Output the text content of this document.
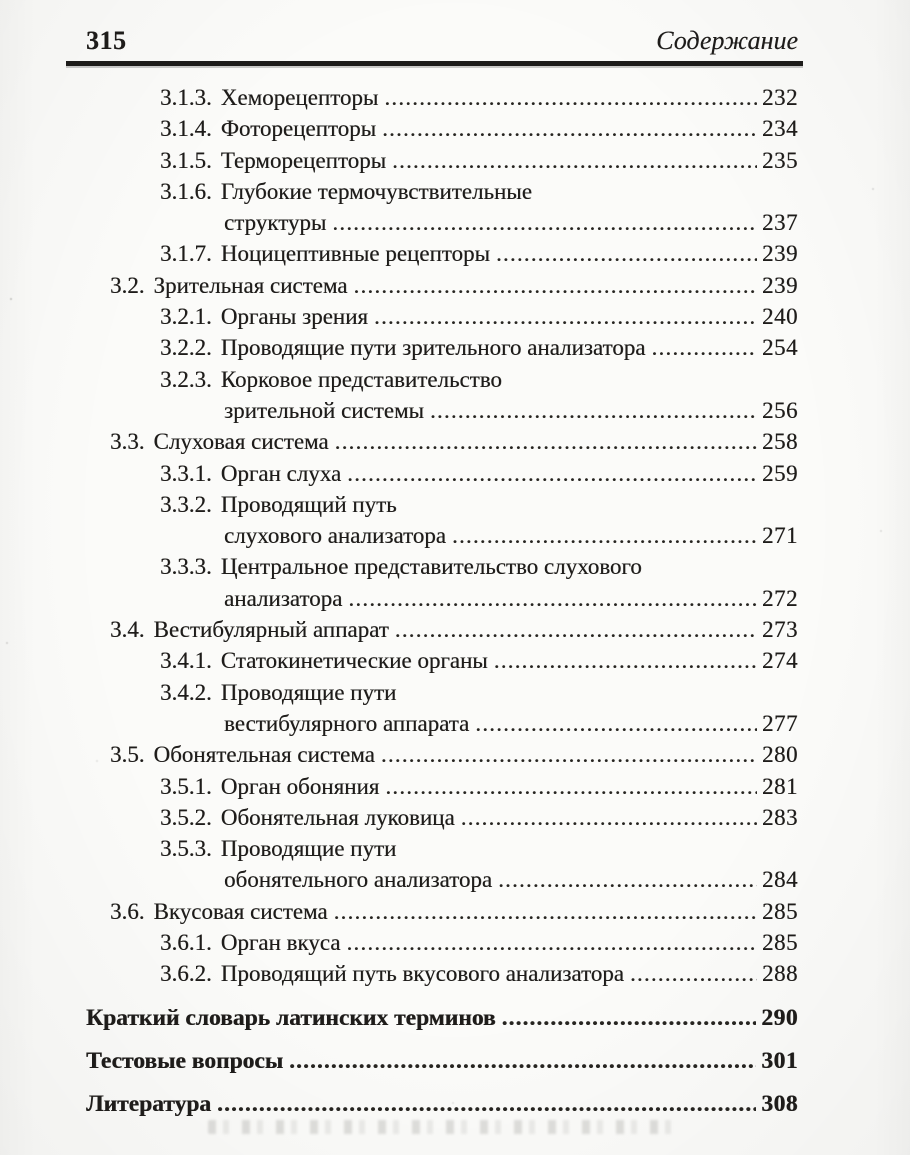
315	Содержание
3.1.3. Хеморецепторы .....	232
3.1.4. Фоторецепторы .....	234
3.1.5. Терморецепторы .....	235
3.1.6. Глубокие термочувствительные
структуры .....	237
3.1.7. Ноцицептивные рецепторы .....	239
3.2. Зрительная система .....	239
3.2.1. Органы зрения .....	240
3.2.2. Проводящие пути зрительного анализатора .....	254
3.2.3. Корковое представительство
зрительной системы .....	256
3.3. Слуховая система .....	258
3.3.1. Орган слуха .....	259
3.3.2. Проводящий путь
слухового анализатора .....	271
3.3.3. Центральное представительство слухового
анализатора .....	272
3.4. Вестибулярный аппарат .....	273
3.4.1. Статокинетические органы .....	274
3.4.2. Проводящие пути
вестибулярного аппарата .....	277
3.5. Обонятельная система .....	280
3.5.1. Орган обоняния .....	281
3.5.2. Обонятельная луковица .....	283
3.5.3. Проводящие пути
обонятельного анализатора .....	284
3.6. Вкусовая система .....	285
3.6.1. Орган вкуса .....	285
3.6.2. Проводящий путь вкусового анализатора .....	288
Краткий словарь латинских терминов .....	290
Тестовые вопросы .....	301
Литература .....	308
